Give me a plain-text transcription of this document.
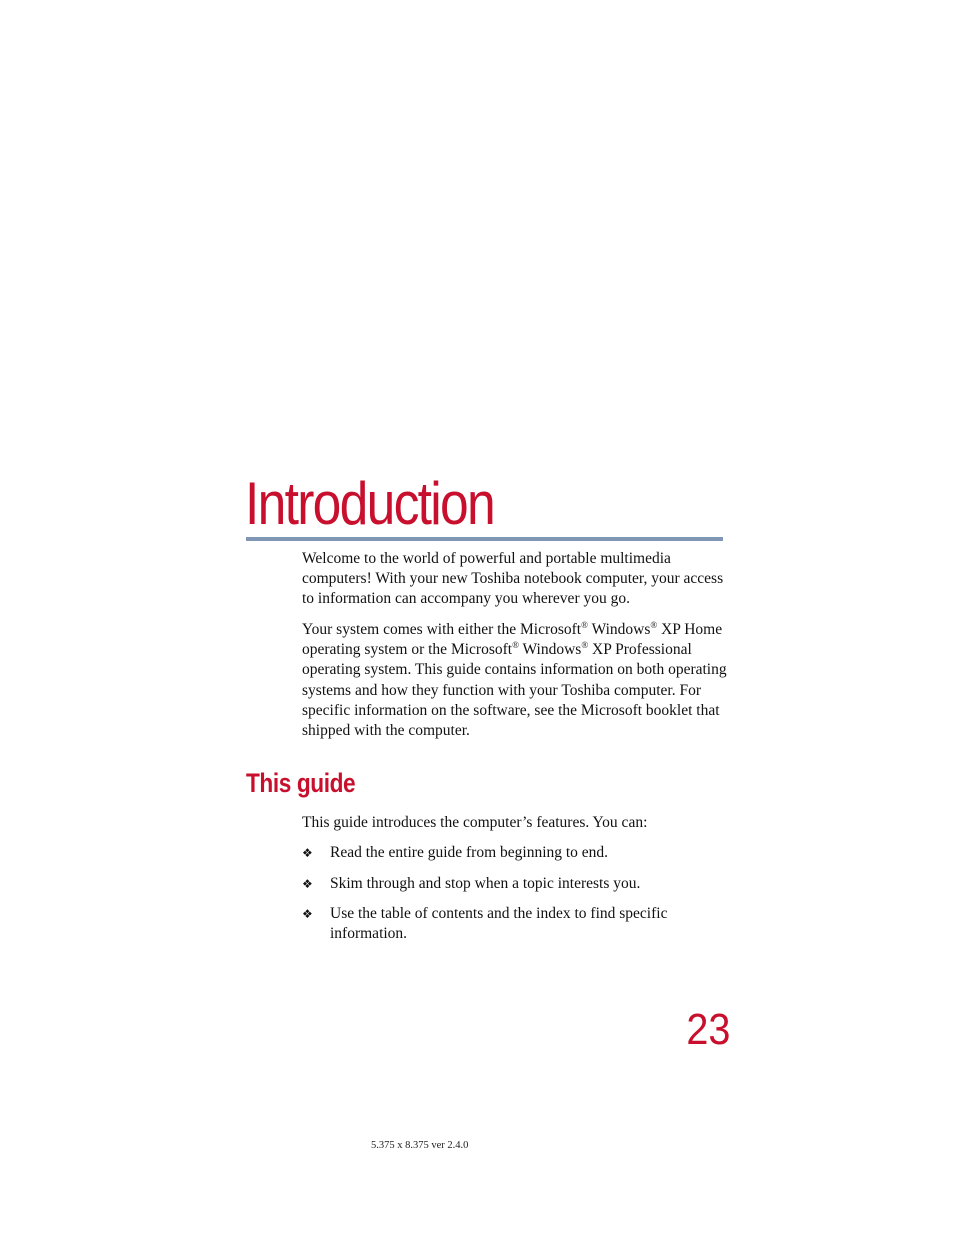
Introduction

Welcome to the world of powerful and portable multimedia computers! With your new Toshiba notebook computer, your access to information can accompany you wherever you go.

Your system comes with either the Microsoft® Windows® XP Home operating system or the Microsoft® Windows® XP Professional operating system. This guide contains information on both operating systems and how they function with your Toshiba computer. For specific information on the software, see the Microsoft booklet that shipped with the computer.

This guide

This guide introduces the computer’s features. You can:

❖ Read the entire guide from beginning to end.
❖ Skim through and stop when a topic interests you.
❖ Use the table of contents and the index to find specific information.
23
5.375 x 8.375 ver 2.4.0
